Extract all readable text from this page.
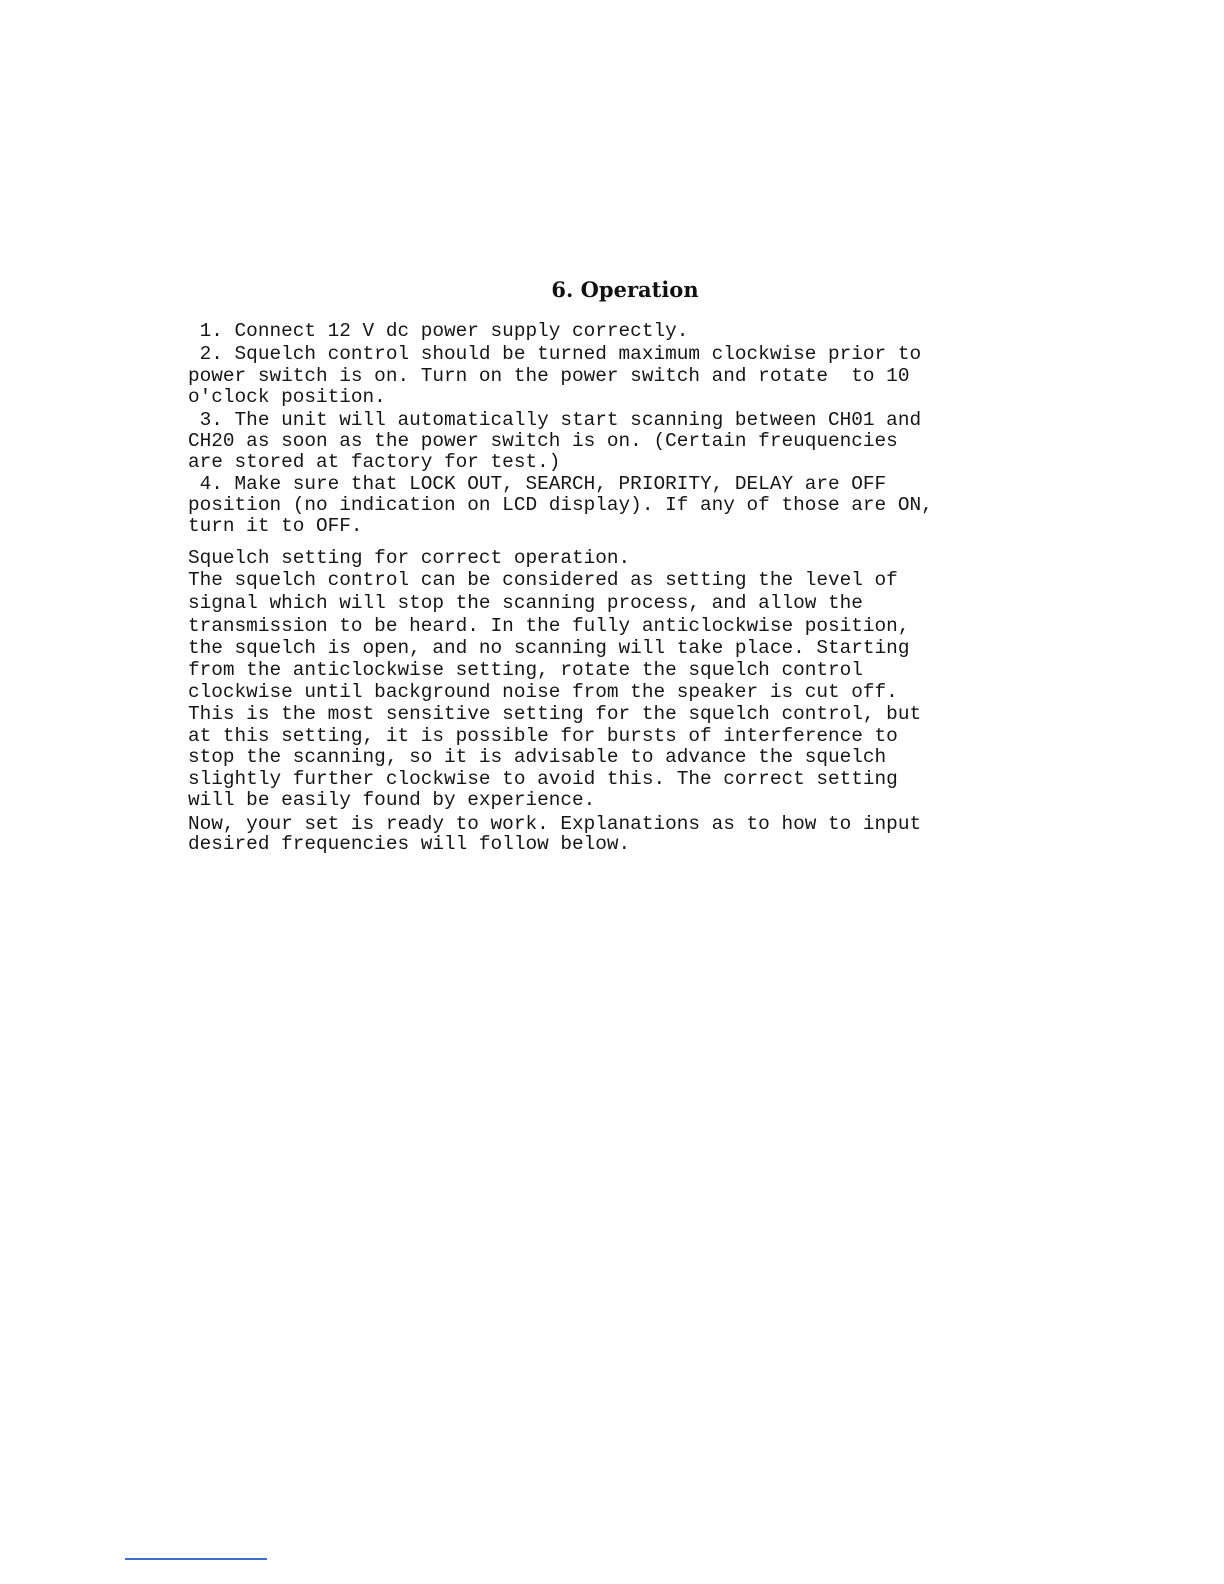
6. Operation

1. Connect 12 V dc power supply correctly.

2. Squelch control should be turned maximum clockwise prior to

power switch is on. Turn on the power switch and rotate  to 10

o'clock position.

3. The unit will automatically start scanning between CH01 and

CH20 as soon as the power switch is on. (Certain freuquencies

are stored at factory for test.)

4. Make sure that LOCK OUT, SEARCH, PRIORITY, DELAY are OFF

position (no indication on LCD display). If any of those are ON,

turn it to OFF.

Squelch setting for correct operation.

The squelch control can be considered as setting the level of

signal which will stop the scanning process, and allow the

transmission to be heard. In the fully anticlockwise position,

the squelch is open, and no scanning will take place. Starting

from the anticlockwise setting, rotate the squelch control

clockwise until background noise from the speaker is cut off.

This is the most sensitive setting for the squelch control, but

at this setting, it is possible for bursts of interference to

stop the scanning, so it is advisable to advance the squelch

slightly further clockwise to avoid this. The correct setting

will be easily found by experience.

Now, your set is ready to work. Explanations as to how to input

desired frequencies will follow below.
